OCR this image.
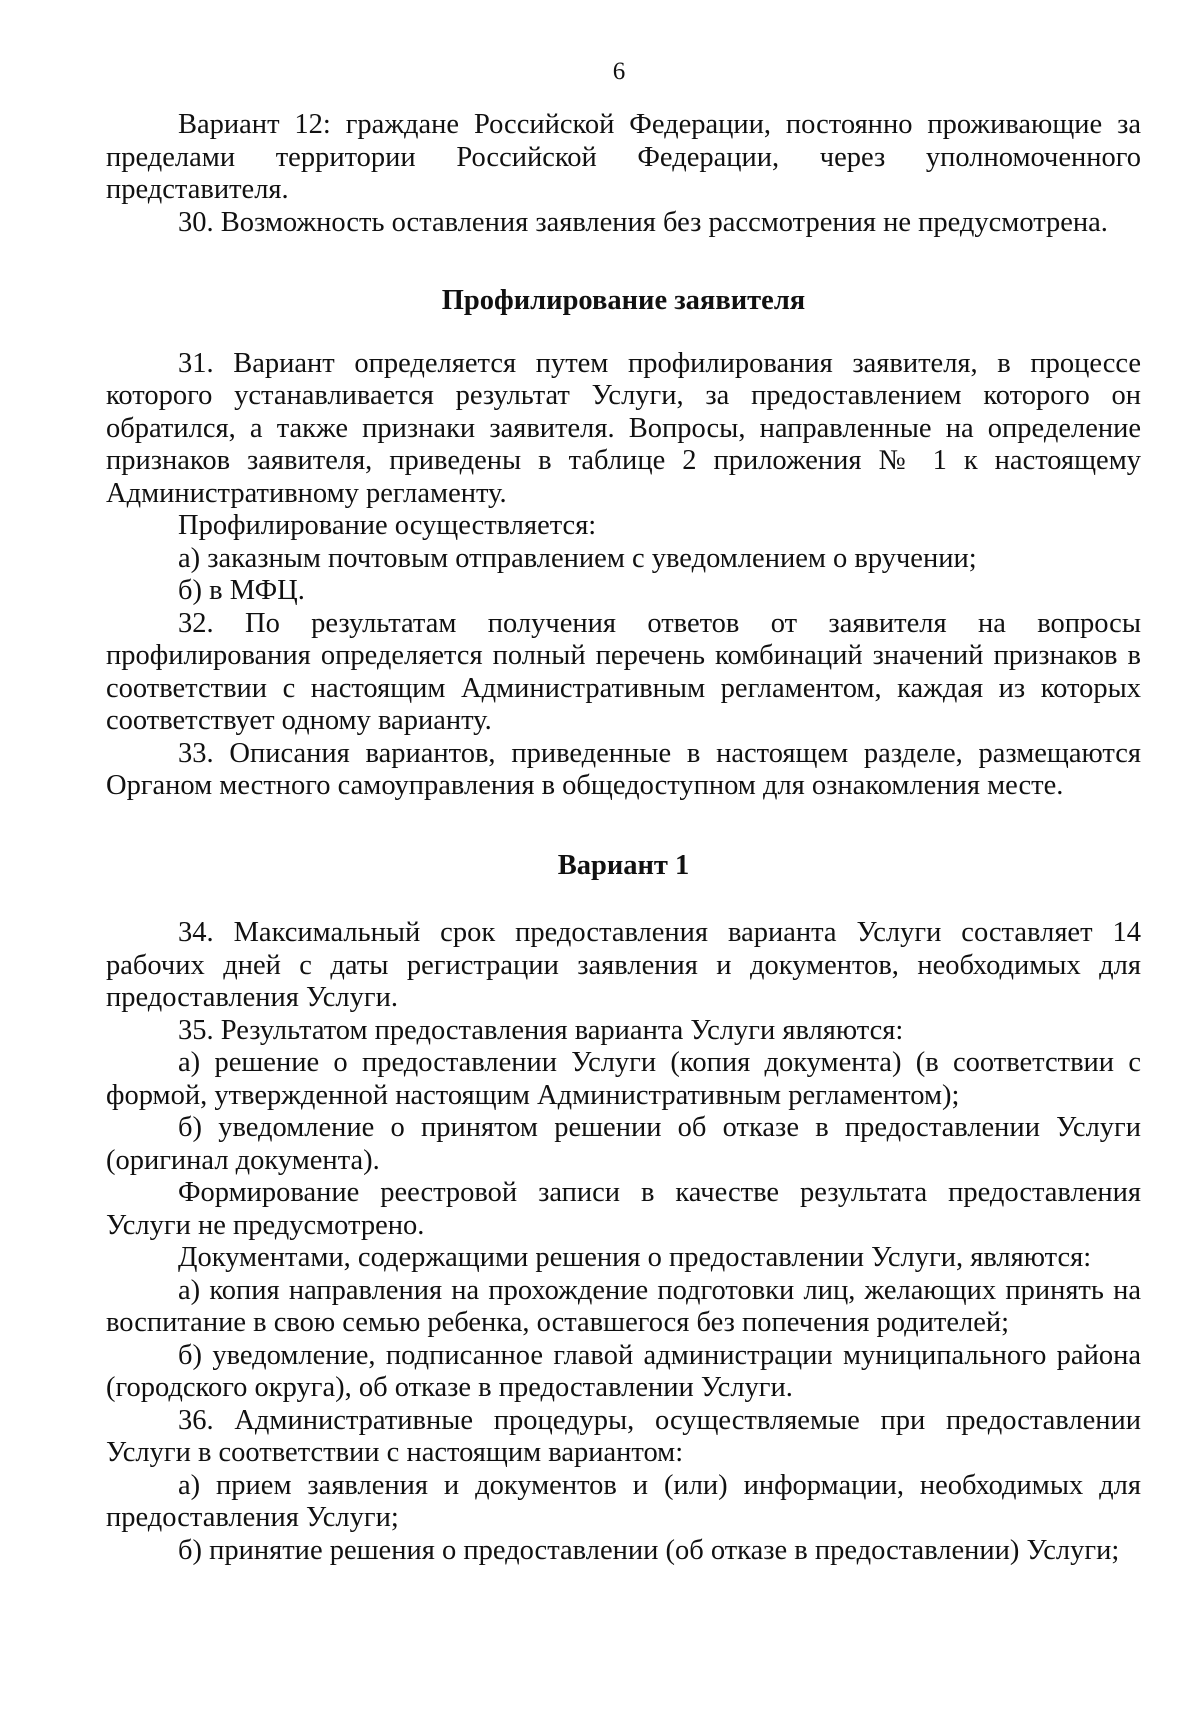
6

Вариант 12: граждане Российской Федерации, постоянно проживающие за пределами территории Российской Федерации, через уполномоченного представителя.

30. Возможность оставления заявления без рассмотрения не предусмотрена.

Профилирование заявителя

31. Вариант определяется путем профилирования заявителя, в процессе которого устанавливается результат Услуги, за предоставлением которого он обратился, а также признаки заявителя. Вопросы, направленные на определение признаков заявителя, приведены в таблице 2 приложения № 1 к настоящему Административному регламенту.

Профилирование осуществляется:

а) заказным почтовым отправлением с уведомлением о вручении;

б) в МФЦ.

32. По результатам получения ответов от заявителя на вопросы профилирования определяется полный перечень комбинаций значений признаков в соответствии с настоящим Административным регламентом, каждая из которых соответствует одному варианту.

33. Описания вариантов, приведенные в настоящем разделе, размещаются Органом местного самоуправления в общедоступном для ознакомления месте.

Вариант 1

34. Максимальный срок предоставления варианта Услуги составляет 14 рабочих дней с даты регистрации заявления и документов, необходимых для предоставления Услуги.

35. Результатом предоставления варианта Услуги являются:

а) решение о предоставлении Услуги (копия документа) (в соответствии с формой, утвержденной настоящим Административным регламентом);

б) уведомление о принятом решении об отказе в предоставлении Услуги (оригинал документа).

Формирование реестровой записи в качестве результата предоставления Услуги не предусмотрено.

Документами, содержащими решения о предоставлении Услуги, являются:

а) копия направления на прохождение подготовки лиц, желающих принять на воспитание в свою семью ребенка, оставшегося без попечения родителей;

б) уведомление, подписанное главой администрации муниципального района (городского округа), об отказе в предоставлении Услуги.

36. Административные процедуры, осуществляемые при предоставлении Услуги в соответствии с настоящим вариантом:

а) прием заявления и документов и (или) информации, необходимых для предоставления Услуги;

б) принятие решения о предоставлении (об отказе в предоставлении) Услуги;
